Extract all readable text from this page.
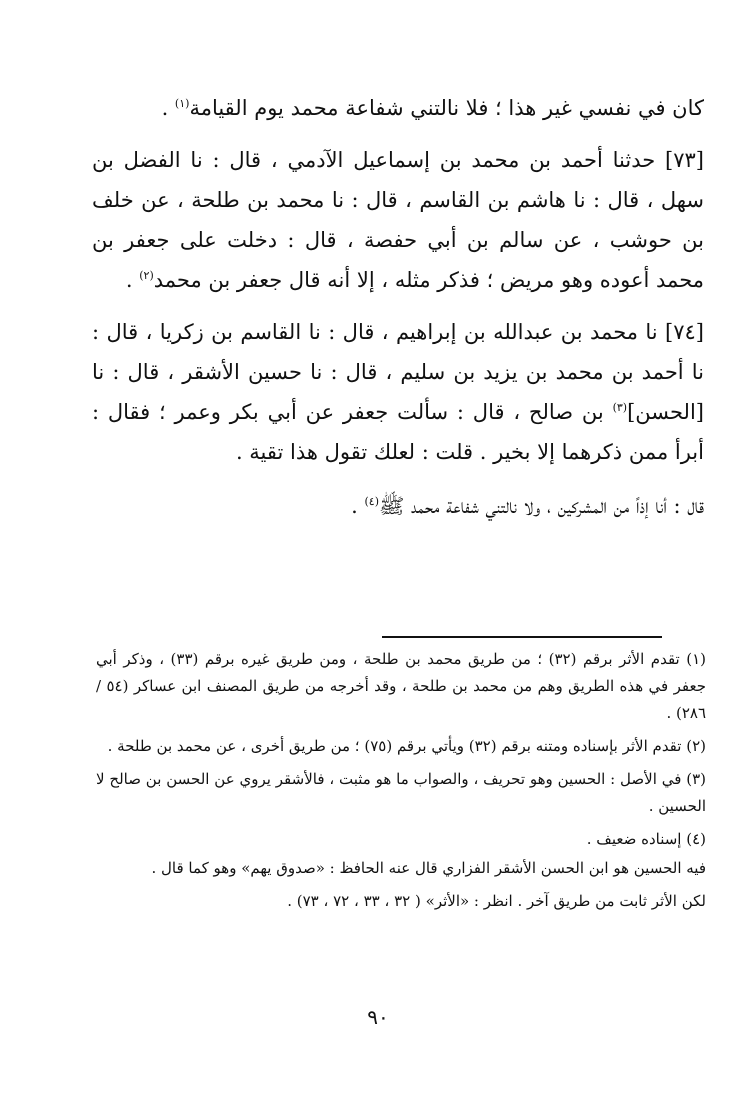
كان في نفسي غير هذا ؛ فلا نالتني شفاعة محمد يوم القيامة$^{(١)}$ .

[٧٣] حدثنا أحمد بن محمد بن إسماعيل الآدمي ، قال : نا الفضل بن سهل ، قال : نا هاشم بن القاسم ، قال : نا محمد بن طلحة ، عن خلف بن حوشب ، عن سالم بن أبي حفصة ، قال : دخلت على جعفر بن محمد أعوده وهو مريض ؛ فذكر مثله ، إلا أنه قال جعفر بن محمد$^{(٢)}$ .

[٧٤] نا محمد بن عبدالله بن إبراهيم ، قال : نا القاسم بن زكريا ، قال : نا أحمد بن محمد بن يزيد بن سليم ، قال : نا حسين الأشقر ، قال : نا [الحسن]$^{(٣)}$ بن صالح ، قال : سألت جعفر عن أبي بكر وعمر ؛ فقال : أبرأ ممن ذكرهما إلا بخير . قلت : لعلك تقول هذا تقية .

قال : أنا إذاً من المشركين ، ولا نالتني شفاعة محمد ﷺ$^{(٤)}$ .

(١) تقدم الأثر برقم (٣٢) ؛ من طريق محمد بن طلحة ، ومن طريق غيره برقم (٣٣) ، وذكر أبي جعفر في هذه الطريق وهم من محمد بن طلحة ، وقد أخرجه من طريق المصنف ابن عساكر (٥٤ / ٢٨٦) .

(٢) تقدم الأثر بإسناده ومتنه برقم (٣٢) ويأتي برقم (٧٥) ؛ من طريق أخرى ، عن محمد بن طلحة .

(٣) في الأصل : الحسين وهو تحريف ، والصواب ما هو مثبت ، فالأشقر يروي عن الحسن بن صالح لا الحسين .

(٤) إسناده ضعيف .

فيه الحسين هو ابن الحسن الأشقر الفزاري قال عنه الحافظ : «صدوق يهم» وهو كما قال .

لكن الأثر ثابت من طريق آخر . انظر : «الأثر» ( ٣٢ ، ٣٣ ، ٧٢ ، ٧٣) .

٩٠
